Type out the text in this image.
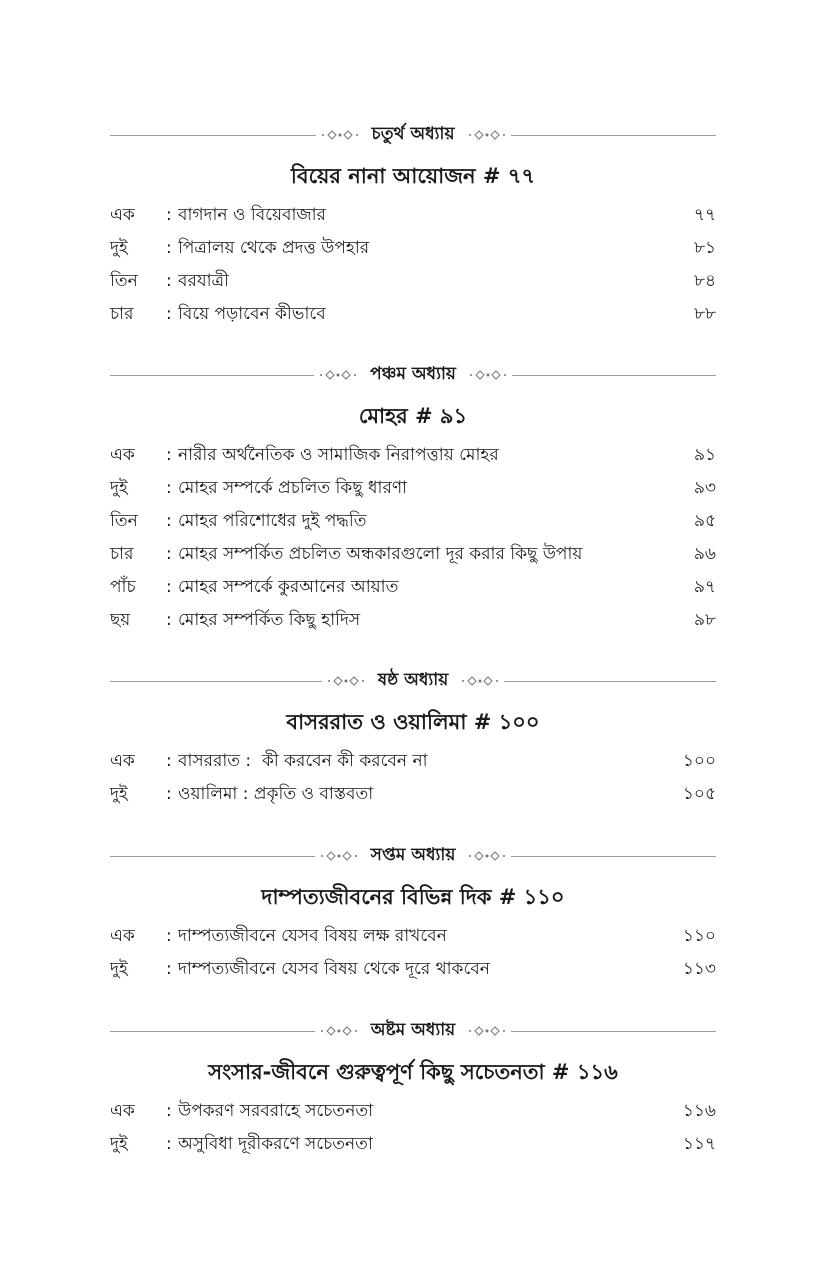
চতুর্থ অধ্যায়
বিয়ের নানা আয়োজন # ৭৭
এক	: বাগদান ও বিয়েবাজার	৭৭
দুই	: পিত্রালয় থেকে প্রদত্ত উপহার	৮১
তিন	: বরযাত্রী	৮৪
চার	: বিয়ে পড়াবেন কীভাবে	৮৮
পঞ্চম অধ্যায়
মোহর # ৯১
এক	: নারীর অর্থনৈতিক ও সামাজিক নিরাপত্তায় মোহর	৯১
দুই	: মোহর সম্পর্কে প্রচলিত কিছু ধারণা	৯৩
তিন	: মোহর পরিশোধের দুই পদ্ধতি	৯৫
চার	: মোহর সম্পর্কিত প্রচলিত অন্ধকারগুলো দূর করার কিছু উপায়	৯৬
পাঁচ	: মোহর সম্পর্কে কুরআনের আয়াত	৯৭
ছয়	: মোহর সম্পর্কিত কিছু হাদিস	৯৮
ষষ্ঠ অধ্যায়
বাসররাত ও ওয়ালিমা # ১০০
এক	: বাসররাত :  কী করবেন কী করবেন না	১০০
দুই	: ওয়ালিমা : প্রকৃতি ও বাস্তবতা	১০৫
সপ্তম অধ্যায়
দাম্পত্যজীবনের বিভিন্ন দিক # ১১০
এক	: দাম্পত্যজীবনে যেসব বিষয় লক্ষ রাখবেন	১১০
দুই	: দাম্পত্যজীবনে যেসব বিষয় থেকে দূরে থাকবেন	১১৩
অষ্টম অধ্যায়
সংসার-জীবনে গুরুত্বপূর্ণ কিছু সচেতনতা # ১১৬
এক	: উপকরণ সরবরাহে সচেতনতা	১১৬
দুই	: অসুবিধা দূরীকরণে সচেতনতা	১১৭
